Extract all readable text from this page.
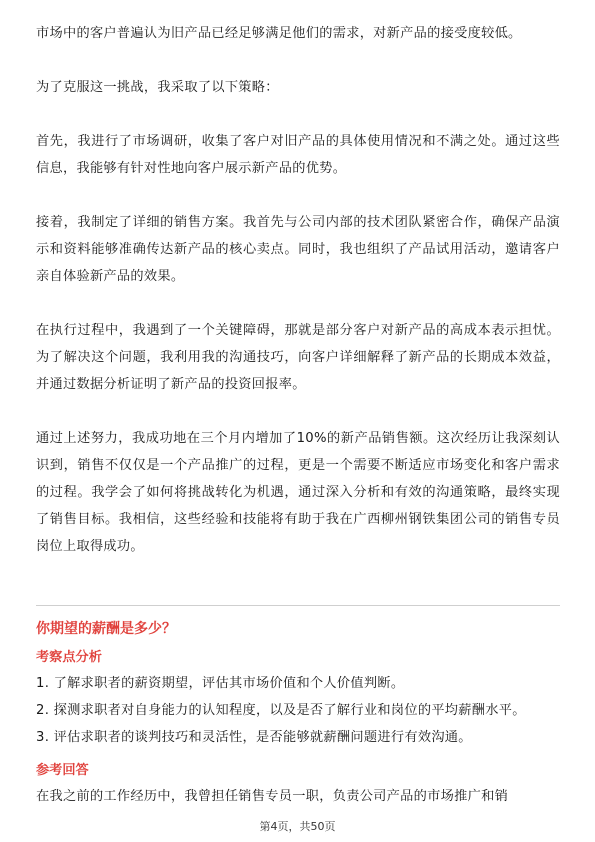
市场中的客户普遍认为旧产品已经足够满足他们的需求，对新产品的接受度较低。

为了克服这一挑战，我采取了以下策略：

首先，我进行了市场调研，收集了客户对旧产品的具体使用情况和不满之处。通过这些信息，我能够有针对性地向客户展示新产品的优势。

接着，我制定了详细的销售方案。我首先与公司内部的技术团队紧密合作，确保产品演示和资料能够准确传达新产品的核心卖点。同时，我也组织了产品试用活动，邀请客户亲自体验新产品的效果。

在执行过程中，我遇到了一个关键障碍，那就是部分客户对新产品的高成本表示担忧。为了解决这个问题，我利用我的沟通技巧，向客户详细解释了新产品的长期成本效益，并通过数据分析证明了新产品的投资回报率。

通过上述努力，我成功地在三个月内增加了10%的新产品销售额。这次经历让我深刻认识到，销售不仅仅是一个产品推广的过程，更是一个需要不断适应市场变化和客户需求的过程。我学会了如何将挑战转化为机遇，通过深入分析和有效的沟通策略，最终实现了销售目标。我相信，这些经验和技能将有助于我在广西柳州钢铁集团公司的销售专员岗位上取得成功。

你期望的薪酬是多少？

考察点分析

1. 了解求职者的薪资期望，评估其市场价值和个人价值判断。

2. 探测求职者对自身能力的认知程度，以及是否了解行业和岗位的平均薪酬水平。

3. 评估求职者的谈判技巧和灵活性，是否能够就薪酬问题进行有效沟通。

参考回答

在我之前的工作经历中，我曾担任销售专员一职，负责公司产品的市场推广和销

第4页，共50页
